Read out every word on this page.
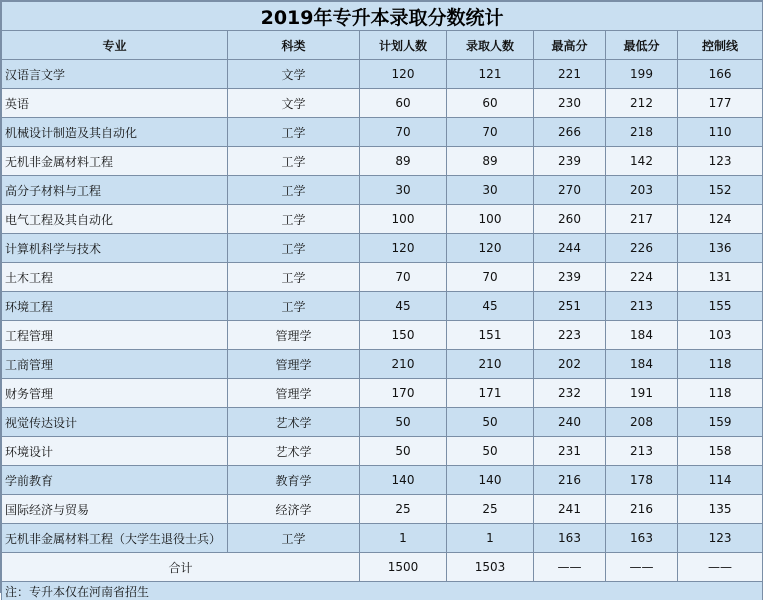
2019年专升本录取分数统计						
专业	科类	计划人数	录取人数	最高分	最低分	控制线
汉语言文学	文学	120	121	221	199	166
英语	文学	60	60	230	212	177
机械设计制造及其自动化	工学	70	70	266	218	110
无机非金属材料工程	工学	89	89	239	142	123
高分子材料与工程	工学	30	30	270	203	152
电气工程及其自动化	工学	100	100	260	217	124
计算机科学与技术	工学	120	120	244	226	136
土木工程	工学	70	70	239	224	131
环境工程	工学	45	45	251	213	155
工程管理	管理学	150	151	223	184	103
工商管理	管理学	210	210	202	184	118
财务管理	管理学	170	171	232	191	118
视觉传达设计	艺术学	50	50	240	208	159
环境设计	艺术学	50	50	231	213	158
学前教育	教育学	140	140	216	178	114
国际经济与贸易	经济学	25	25	241	216	135
无机非金属材料工程（大学生退役士兵）	工学	1	1	163	163	123
合计		1500	1503	——	——	——
注：专升本仅在河南省招生						
